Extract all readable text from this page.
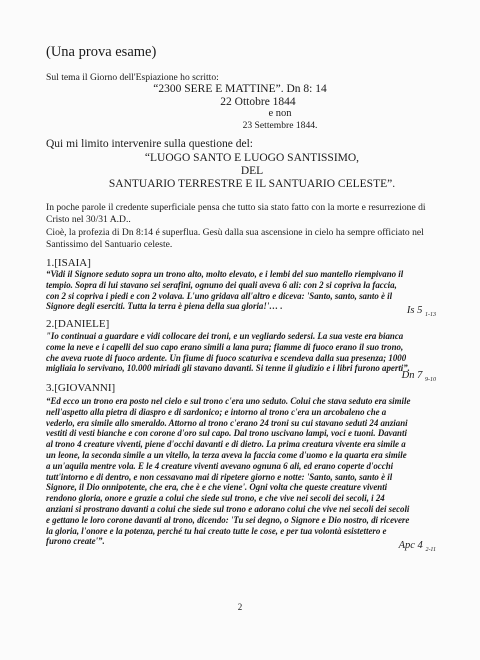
(Una prova esame)

Sul tema il Giorno dell'Espiazione ho scritto:

“2300 SERE E MATTINE”. Dn 8: 14

22 Ottobre 1844

e non

23 Settembre 1844.

Qui mi limito intervenire sulla questione del:

“LUOGO SANTO E LUOGO SANTISSIMO,

DEL

SANTUARIO TERRESTRE E IL SANTUARIO CELESTE”.

In poche parole il credente superficiale pensa che tutto sia stato fatto con la morte e resurrezione di

Cristo nel 30/31 A.D..

Cioè, la profezia di Dn 8:14 é superflua. Gesù dalla sua ascensione in cielo ha sempre officiato nel

Santissimo del Santuario celeste.

1.[ISAIA]

“Vidi il Signore seduto sopra un trono alto, molto elevato, e i lembi del suo mantello riempivano il
tempio. Sopra di lui stavano sei serafini, ognuno dei quali aveva 6 ali: con 2 si copriva la faccia,
con 2 si copriva i piedi e con 2 volava. L'uno gridava all'altro e diceva: 'Santo, santo, santo è il
Signore degli eserciti. Tutta la terra è piena della sua gloria!'… .	Is 5 $_{1-13}$

2.[DANIELE]

"Io continuai a guardare e vidi collocare dei troni, e un vegliardo sedersi. La sua veste era bianca
come la neve e i capelli del suo capo erano simili a lana pura; fiamme di fuoco erano il suo trono,
che aveva ruote di fuoco ardente. Un fiume di fuoco scaturiva e scendeva dalla sua presenza; 1000
migliaia lo servivano, 10.000 miriadi gli stavano davanti. Si tenne il giudizio e i libri furono aperti”.

Dn 7 $_{9-10}$

3.[GIOVANNI]

“Ed ecco un trono era posto nel cielo e sul trono c'era uno seduto. Colui che stava seduto era simile
nell'aspetto alla pietra di diaspro e di sardonico; e intorno al trono c'era un arcobaleno che a
vederlo, era simile allo smeraldo. Attorno al trono c'erano 24 troni su cui stavano seduti 24 anziani
vestiti di vesti bianche e con corone d'oro sul capo. Dal trono uscivano lampi, voci e tuoni. Davanti
al trono 4 creature viventi, piene d'occhi davanti e di dietro. La prima creatura vivente era simile a
un leone, la seconda simile a un vitello, la terza aveva la faccia come d'uomo e la quarta era simile
a un'aquila mentre vola. E le 4 creature viventi avevano ognuna 6 ali, ed erano coperte d'occhi
tutt'intorno e di dentro, e non cessavano mai di ripetere giorno e notte: 'Santo, santo, santo è il
Signore, il Dio onnipotente, che era, che è e che viene'. Ogni volta che queste creature viventi
rendono gloria, onore e grazie a colui che siede sul trono, e che vive nei secoli dei secoli, i 24
anziani si prostrano davanti a colui che siede sul trono e adorano colui che vive nei secoli dei secoli
e gettano le loro corone davanti al trono, dicendo: 'Tu sei degno, o Signore e Dio nostro, di ricevere
la gloria, l'onore e la potenza, perché tu hai creato tutte le cose, e per tua volontà esistettero e
furono create'”.	Apc 4 $_{2-11}$

2
